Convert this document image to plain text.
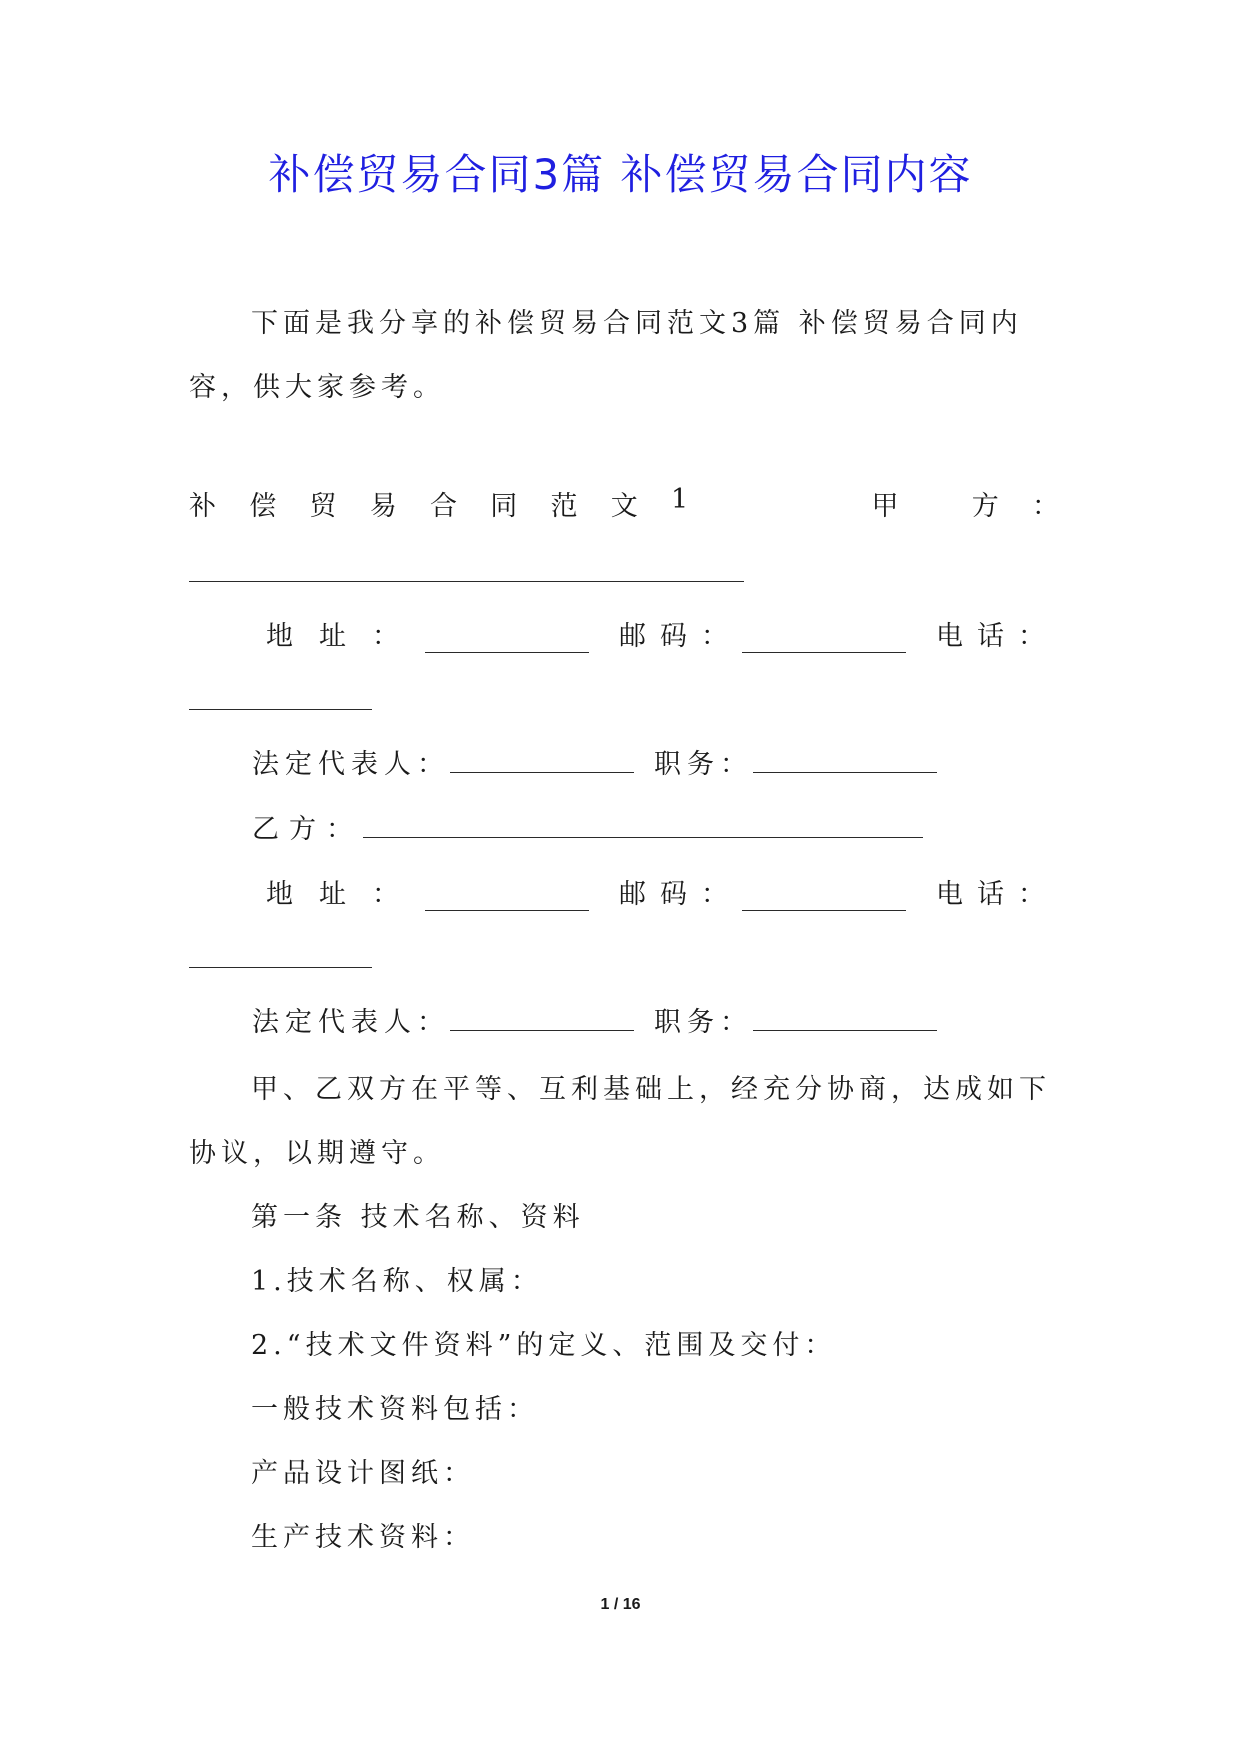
补偿贸易合同3篇 补偿贸易合同内容
下面是我分享的补偿贸易合同范文3篇 补偿贸易合同内容，供大家参考。
补 偿 贸 易 合 同 范 文 1	甲	方 ：
地址：	邮码：	电话：
法定代表人：	职务：
乙方：
地址：	邮码：	电话：
法定代表人：	职务：
甲、乙双方在平等、互利基础上，经充分协商，达成如下协议，以期遵守。
第一条 技术名称、资料
1.技术名称、权属：
2.“技术文件资料”的定义、范围及交付：
一般技术资料包括：
产品设计图纸：
生产技术资料：
1 / 16
